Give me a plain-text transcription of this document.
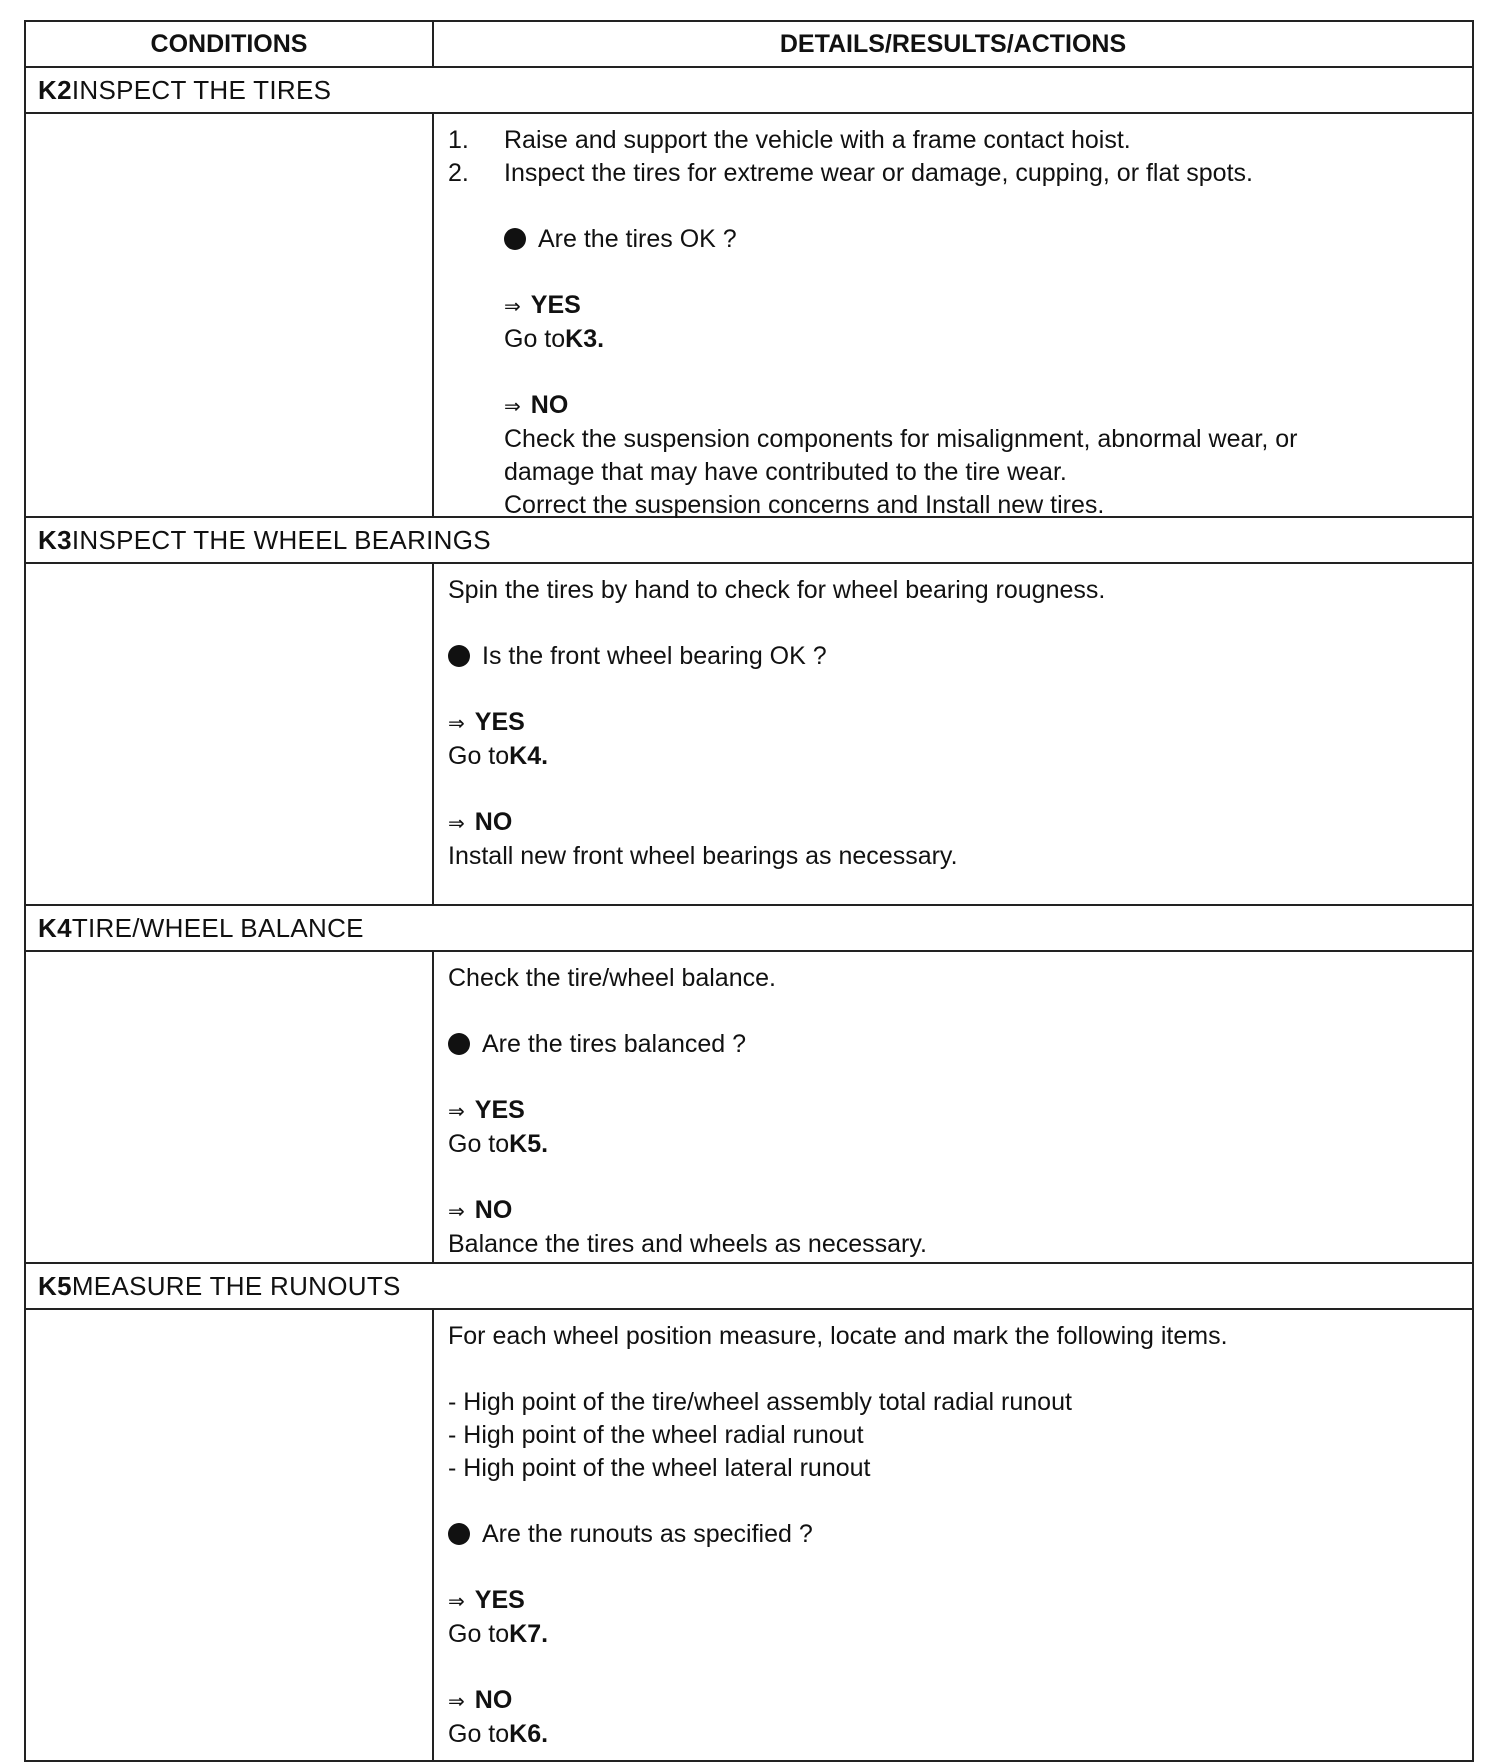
CONDITIONS	DETAILS/RESULTS/ACTIONS
K2 INSPECT THE TIRES
1.	Raise and support the vehicle with a frame contact hoist.
2.	Inspect the tires for extreme wear or damage, cupping, or flat spots.
Are the tires OK ?
⇒ YES
Go toK3.
⇒ NO
Check the suspension components for misalignment, abnormal wear, or
damage that may have contributed to the tire wear.
Correct the suspension concerns and Install new tires.
K3 INSPECT THE WHEEL BEARINGS
Spin the tires by hand to check for wheel bearing rougness.
Is the front wheel bearing OK ?
⇒ YES
Go toK4.
⇒ NO
Install new front wheel bearings as necessary.
K4 TIRE/WHEEL BALANCE
Check the tire/wheel balance.
Are the tires balanced ?
⇒ YES
Go toK5.
⇒ NO
Balance the tires and wheels as necessary.
K5 MEASURE THE RUNOUTS
For each wheel position measure, locate and mark the following items.
- High point of the tire/wheel assembly total radial runout
- High point of the wheel radial runout
- High point of the wheel lateral runout
Are the runouts as specified ?
⇒ YES
Go toK7.
⇒ NO
Go toK6.
